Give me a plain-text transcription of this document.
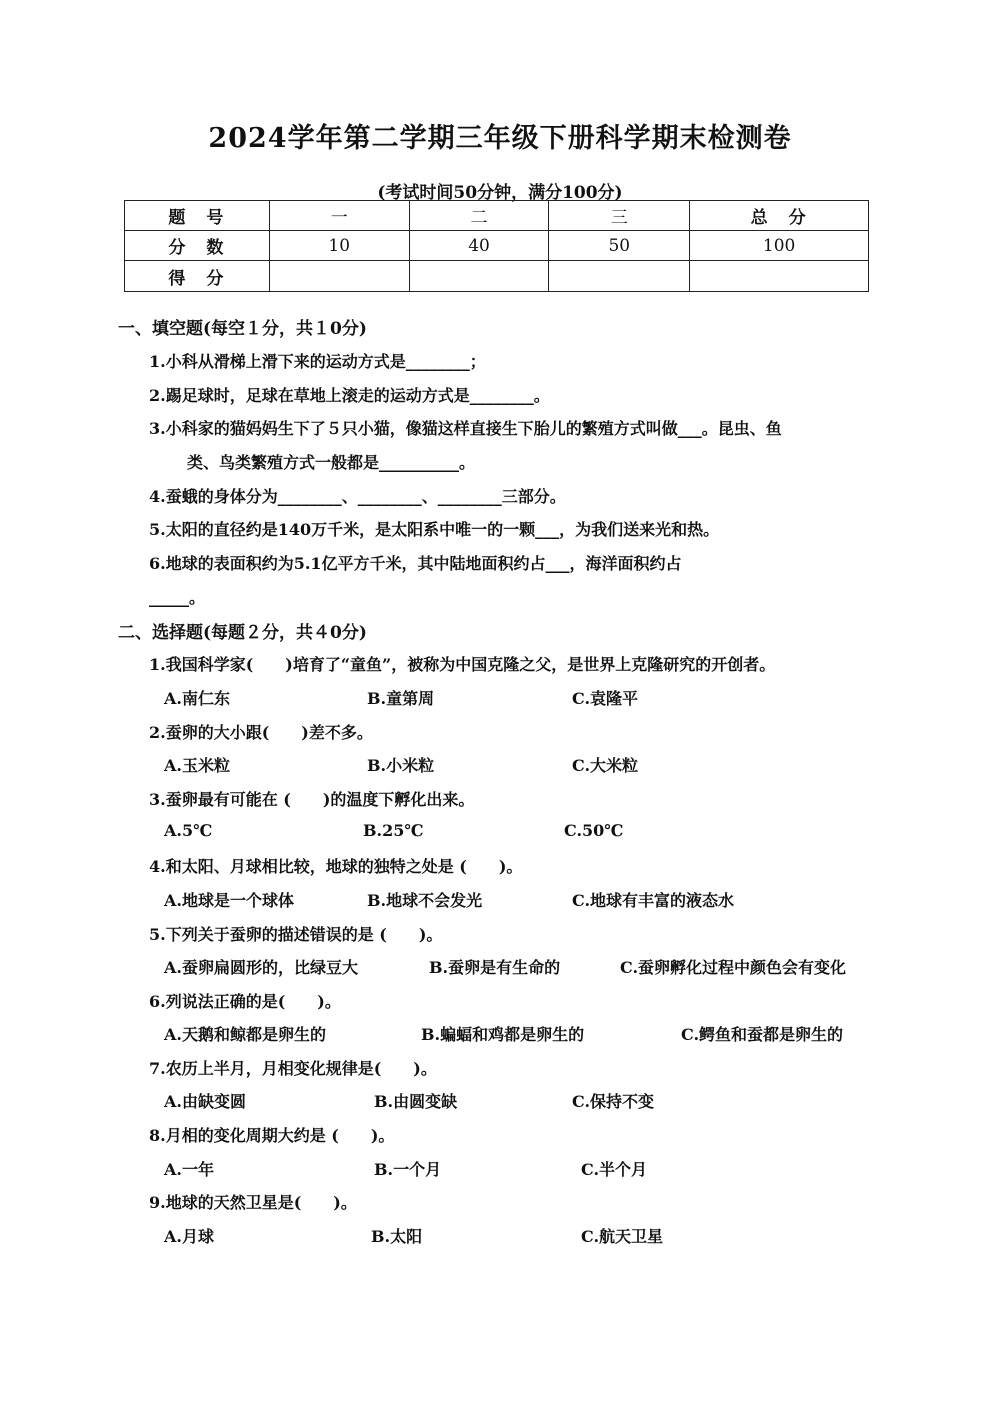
2024学年第二学期三年级下册科学期末检测卷
(考试时间50分钟，满分100分)
题　号	一	二	三	总　分
分　数	10	40	50	100
得　分				
一、填空题(每空１分，共１0分)
1.小科从滑梯上滑下来的运动方式是________；
2.踢足球时，足球在草地上滚走的运动方式是________。
3.小科家的猫妈妈生下了５只小猫，像猫这样直接生下胎儿的繁殖方式叫做___。昆虫、鱼
类、鸟类繁殖方式一般都是__________。
4.蚕蛾的身体分为________、________、________三部分。
5.太阳的直径约是140万千米，是太阳系中唯一的一颗___，为我们送来光和热。
6.地球的表面积约为5.1亿平方千米，其中陆地面积约占___，海洋面积约占
_____。
二、选择题(每题２分，共４0分)
1.我国科学家(　　)培育了“童鱼”，被称为中国克隆之父，是世界上克隆研究的开创者。
A.南仁东	B.童第周	C.袁隆平
2.蚕卵的大小跟(　　)差不多。
A.玉米粒	B.小米粒	C.大米粒
3.蚕卵最有可能在 (　　)的温度下孵化出来。
A.5℃	B.25℃	C.50℃
4.和太阳、月球相比较，地球的独特之处是 (　　)。
A.地球是一个球体	B.地球不会发光	C.地球有丰富的液态水
5.下列关于蚕卵的描述错误的是 (　　)。
A.蚕卵扁圆形的，比绿豆大	B.蚕卵是有生命的	C.蚕卵孵化过程中颜色会有变化
6.列说法正确的是(　　)。
A.天鹅和鲸都是卵生的	B.蝙蝠和鸡都是卵生的	C.鳄鱼和蚕都是卵生的
7.农历上半月，月相变化规律是(　　)。
A.由缺变圆	B.由圆变缺	C.保持不变
8.月相的变化周期大约是 (　　)。
A.一年	B.一个月	C.半个月
9.地球的天然卫星是(　　)。
A.月球	B.太阳	C.航天卫星
